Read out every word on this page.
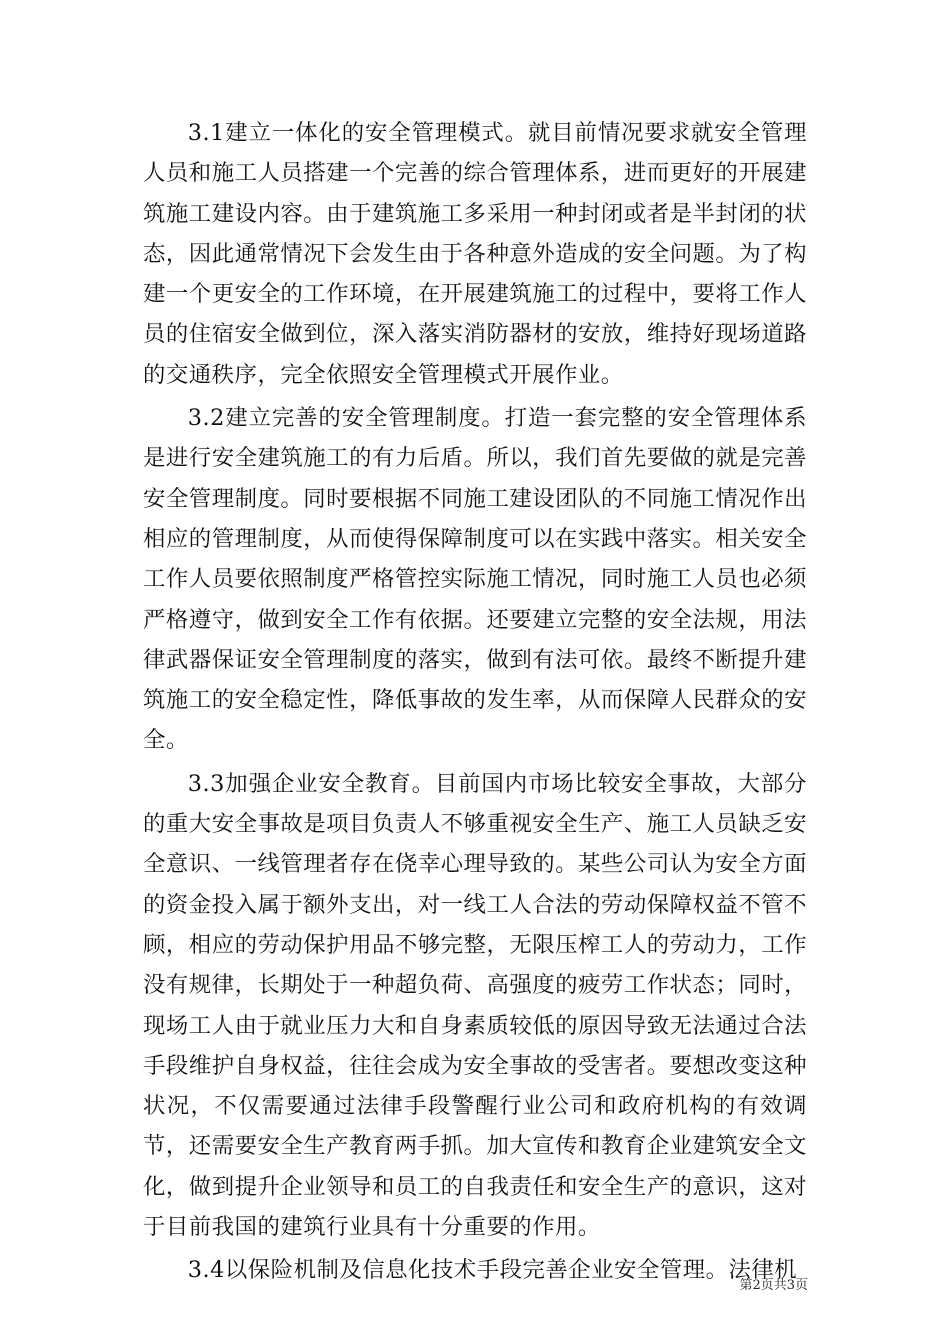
3.1建立一体化的安全管理模式。就目前情况要求就安全管理人员和施工人员搭建一个完善的综合管理体系，进而更好的开展建筑施工建设内容。由于建筑施工多采用一种封闭或者是半封闭的状态，因此通常情况下会发生由于各种意外造成的安全问题。为了构建一个更安全的工作环境，在开展建筑施工的过程中，要将工作人员的住宿安全做到位，深入落实消防器材的安放，维持好现场道路的交通秩序，完全依照安全管理模式开展作业。

3.2建立完善的安全管理制度。打造一套完整的安全管理体系是进行安全建筑施工的有力后盾。所以，我们首先要做的就是完善安全管理制度。同时要根据不同施工建设团队的不同施工情况作出相应的管理制度，从而使得保障制度可以在实践中落实。相关安全工作人员要依照制度严格管控实际施工情况，同时施工人员也必须严格遵守，做到安全工作有依据。还要建立完整的安全法规，用法律武器保证安全管理制度的落实，做到有法可依。最终不断提升建筑施工的安全稳定性，降低事故的发生率，从而保障人民群众的安全。

3.3加强企业安全教育。目前国内市场比较安全事故，大部分的重大安全事故是项目负责人不够重视安全生产、施工人员缺乏安全意识、一线管理者存在侥幸心理导致的。某些公司认为安全方面的资金投入属于额外支出，对一线工人合法的劳动保障权益不管不顾，相应的劳动保护用品不够完整，无限压榨工人的劳动力，工作没有规律，长期处于一种超负荷、高强度的疲劳工作状态；同时，现场工人由于就业压力大和自身素质较低的原因导致无法通过合法手段维护自身权益，往往会成为安全事故的受害者。要想改变这种状况，不仅需要通过法律手段警醒行业公司和政府机构的有效调节，还需要安全生产教育两手抓。加大宣传和教育企业建筑安全文化，做到提升企业领导和员工的自我责任和安全生产的意识，这对于目前我国的建筑行业具有十分重要的作用。

3.4以保险机制及信息化技术手段完善企业安全管理。法律机

第2页共3页
